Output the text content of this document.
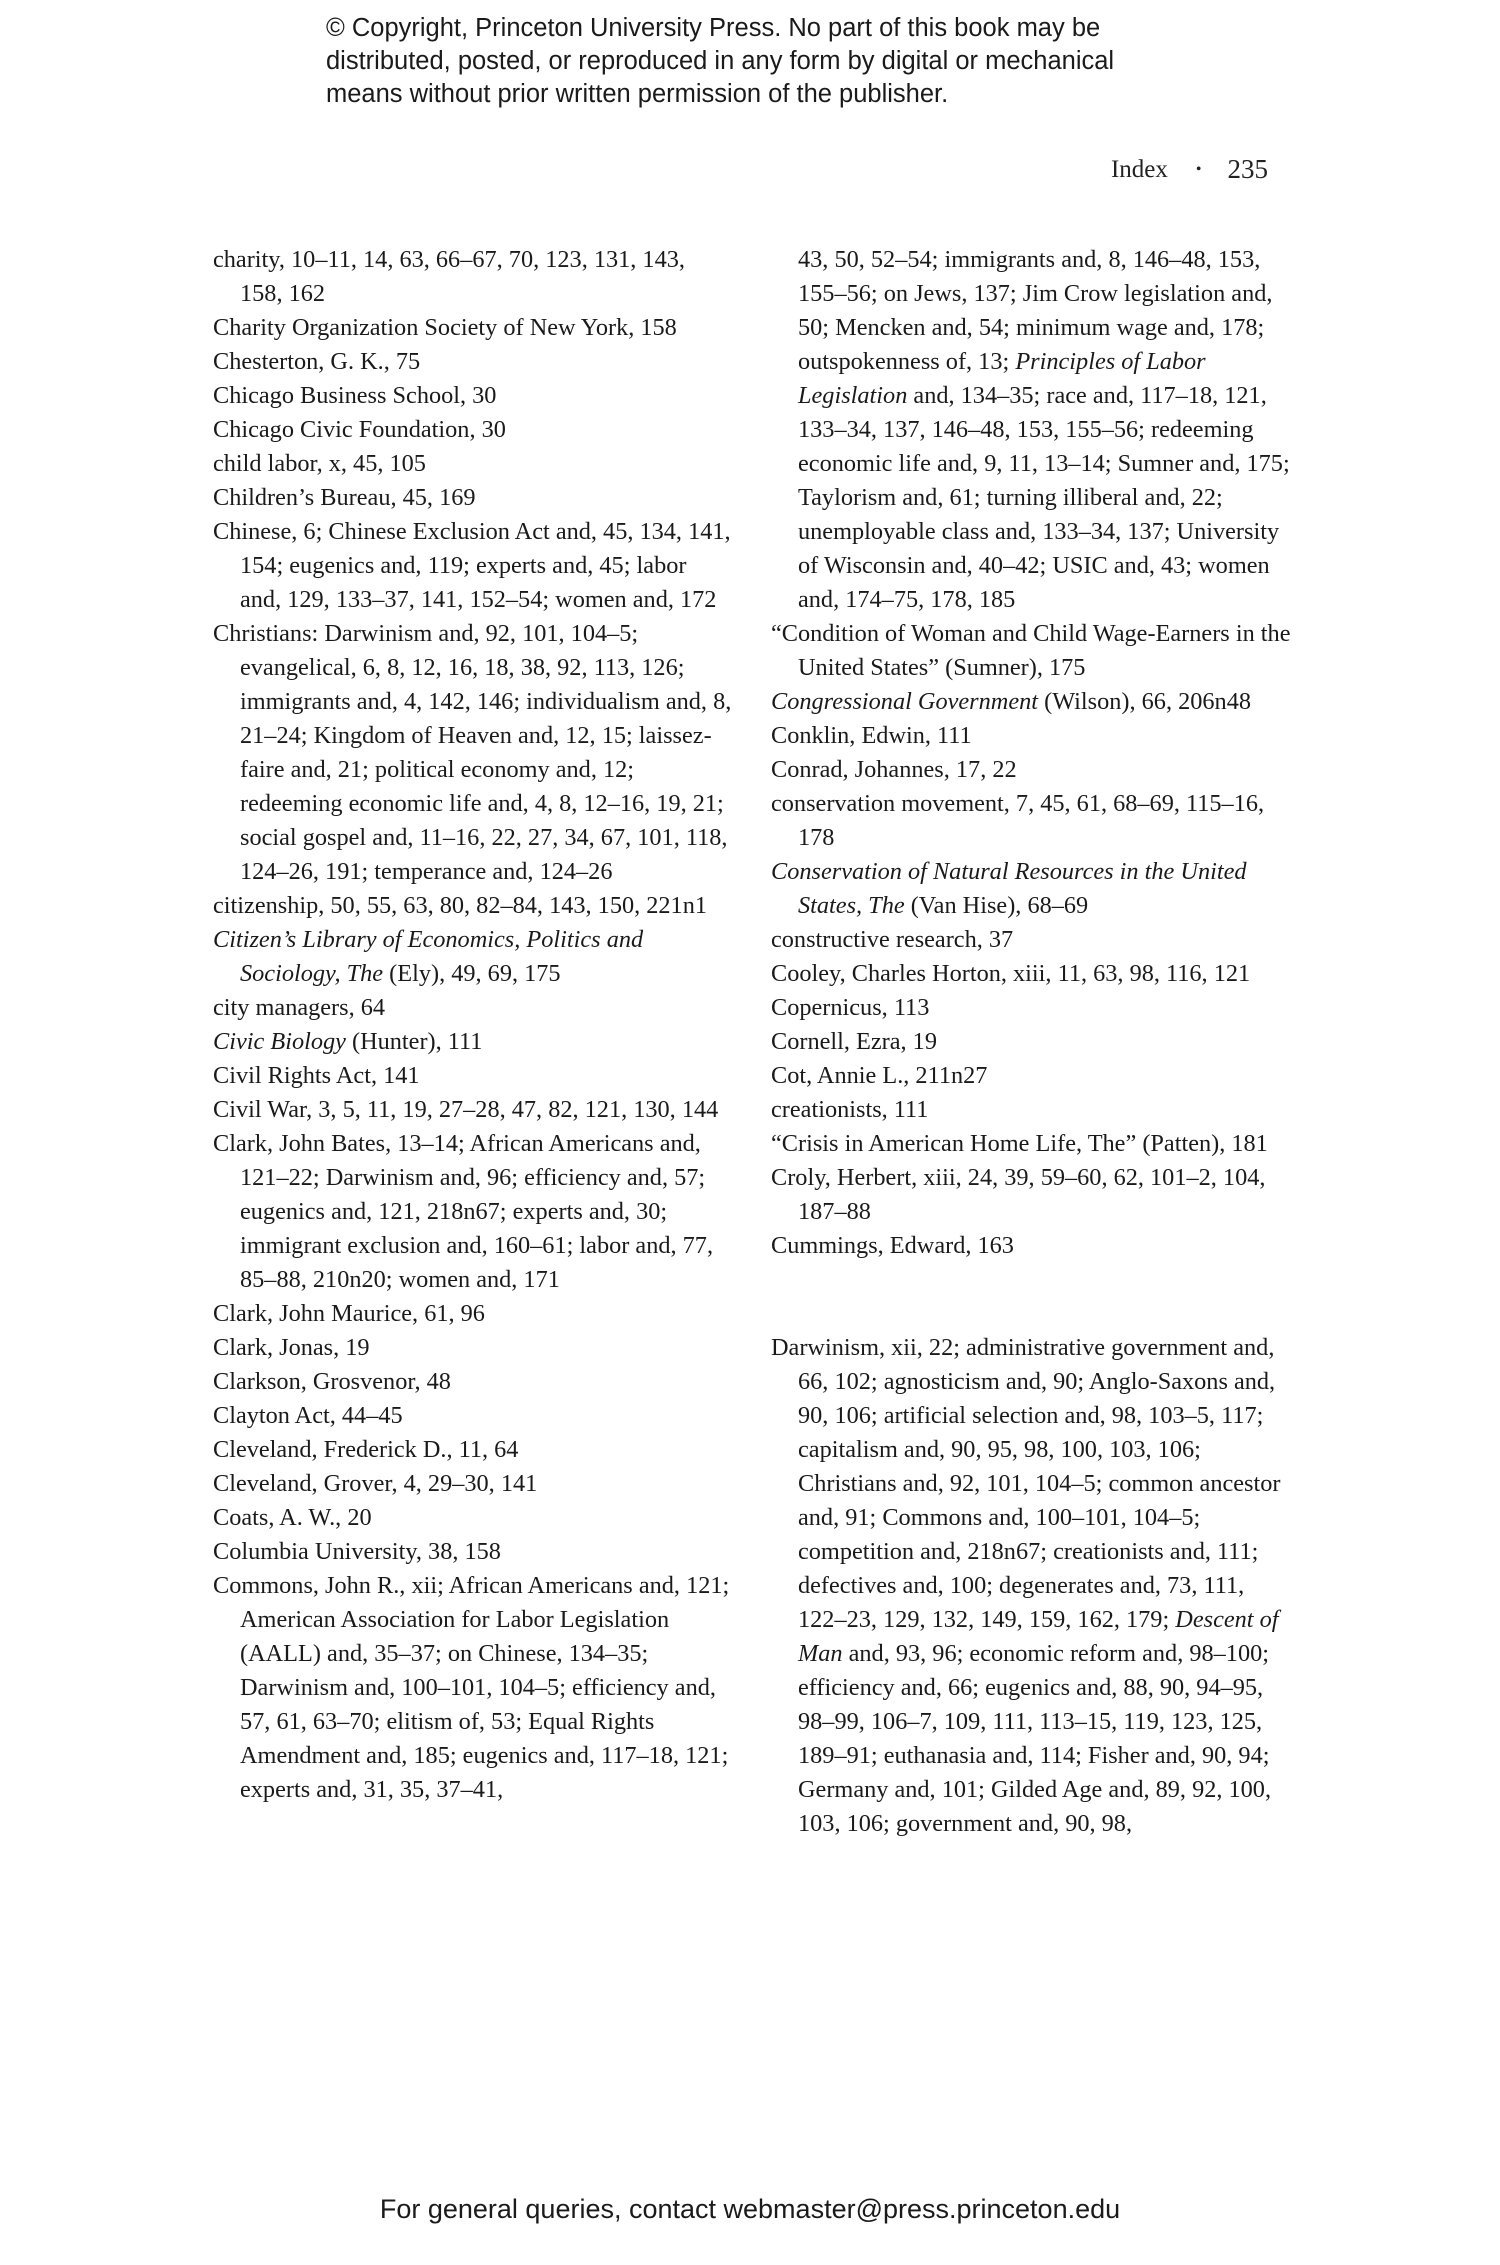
© Copyright, Princeton University Press. No part of this book may be
distributed, posted, or reproduced in any form by digital or mechanical
means without prior written permission of the publisher.
Index • 235
charity, 10–11, 14, 63, 66–67, 70, 123, 131, 143, 158, 162
Charity Organization Society of New York, 158
Chesterton, G. K., 75
Chicago Business School, 30
Chicago Civic Foundation, 30
child labor, x, 45, 105
Children’s Bureau, 45, 169
Chinese, 6; Chinese Exclusion Act and, 45, 134, 141, 154; eugenics and, 119; experts and, 45; labor and, 129, 133–37, 141, 152–54; women and, 172
Christians: Darwinism and, 92, 101, 104–5; evangelical, 6, 8, 12, 16, 18, 38, 92, 113, 126; immigrants and, 4, 142, 146; individualism and, 8, 21–24; Kingdom of Heaven and, 12, 15; laissez-faire and, 21; political economy and, 12; redeeming economic life and, 4, 8, 12–16, 19, 21; social gospel and, 11–16, 22, 27, 34, 67, 101, 118, 124–26, 191; temperance and, 124–26
citizenship, 50, 55, 63, 80, 82–84, 143, 150, 221n1
Citizen’s Library of Economics, Politics and Sociology, The (Ely), 49, 69, 175
city managers, 64
Civic Biology (Hunter), 111
Civil Rights Act, 141
Civil War, 3, 5, 11, 19, 27–28, 47, 82, 121, 130, 144
Clark, John Bates, 13–14; African Americans and, 121–22; Darwinism and, 96; efficiency and, 57; eugenics and, 121, 218n67; experts and, 30; immigrant exclusion and, 160–61; labor and, 77, 85–88, 210n20; women and, 171
Clark, John Maurice, 61, 96
Clark, Jonas, 19
Clarkson, Grosvenor, 48
Clayton Act, 44–45
Cleveland, Frederick D., 11, 64
Cleveland, Grover, 4, 29–30, 141
Coats, A. W., 20
Columbia University, 38, 158
Commons, John R., xii; African Americans and, 121; American Association for Labor Legislation (AALL) and, 35–37; on Chinese, 134–35; Darwinism and, 100–101, 104–5; efficiency and, 57, 61, 63–70; elitism of, 53; Equal Rights Amendment and, 185; eugenics and, 117–18, 121; experts and, 31, 35, 37–41,
43, 50, 52–54; immigrants and, 8, 146–48, 153, 155–56; on Jews, 137; Jim Crow legislation and, 50; Mencken and, 54; minimum wage and, 178; outspokenness of, 13; Principles of Labor Legislation and, 134–35; race and, 117–18, 121, 133–34, 137, 146–48, 153, 155–56; redeeming economic life and, 9, 11, 13–14; Sumner and, 175; Taylorism and, 61; turning illiberal and, 22; unemployable class and, 133–34, 137; University of Wisconsin and, 40–42; USIC and, 43; women and, 174–75, 178, 185
“Condition of Woman and Child Wage-Earners in the United States” (Sumner), 175
Congressional Government (Wilson), 66, 206n48
Conklin, Edwin, 111
Conrad, Johannes, 17, 22
conservation movement, 7, 45, 61, 68–69, 115–16, 178
Conservation of Natural Resources in the United States, The (Van Hise), 68–69
constructive research, 37
Cooley, Charles Horton, xiii, 11, 63, 98, 116, 121
Copernicus, 113
Cornell, Ezra, 19
Cot, Annie L., 211n27
creationists, 111
“Crisis in American Home Life, The” (Patten), 181
Croly, Herbert, xiii, 24, 39, 59–60, 62, 101–2, 104, 187–88
Cummings, Edward, 163
Darwinism, xii, 22; administrative government and, 66, 102; agnosticism and, 90; Anglo-Saxons and, 90, 106; artificial selection and, 98, 103–5, 117; capitalism and, 90, 95, 98, 100, 103, 106; Christians and, 92, 101, 104–5; common ancestor and, 91; Commons and, 100–101, 104–5; competition and, 218n67; creationists and, 111; defectives and, 100; degenerates and, 73, 111, 122–23, 129, 132, 149, 159, 162, 179; Descent of Man and, 93, 96; economic reform and, 98–100; efficiency and, 66; eugenics and, 88, 90, 94–95, 98–99, 106–7, 109, 111, 113–15, 119, 123, 125, 189–91; euthanasia and, 114; Fisher and, 90, 94; Germany and, 101; Gilded Age and, 89, 92, 100, 103, 106; government and, 90, 98,
For general queries, contact webmaster@press.princeton.edu
